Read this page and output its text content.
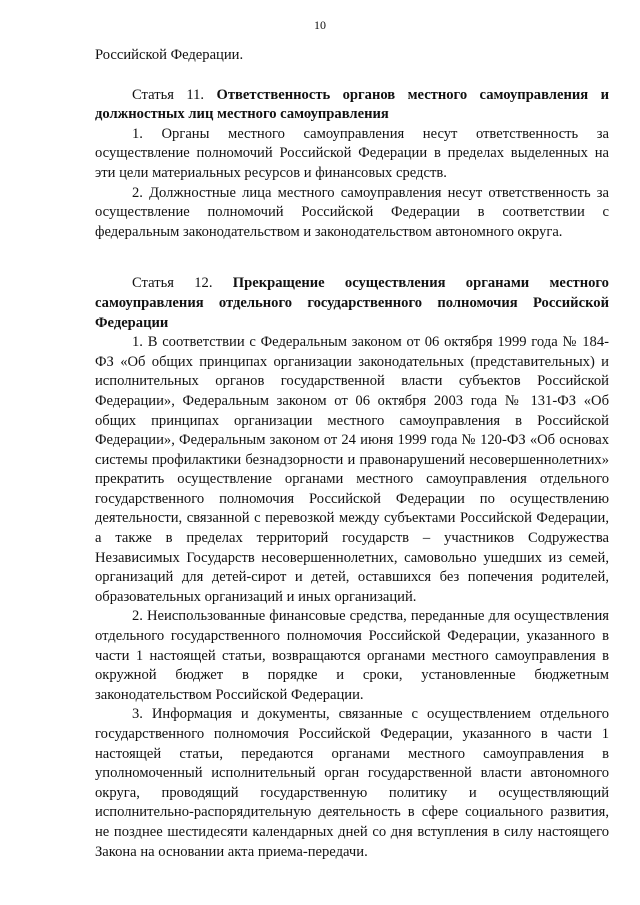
10

Российской Федерации.

Статья 11. Ответственность органов местного самоуправления и должностных лиц местного самоуправления

1. Органы местного самоуправления несут ответственность за осуществление полномочий Российской Федерации в пределах выделенных на эти цели материальных ресурсов и финансовых средств.

2. Должностные лица местного самоуправления несут ответственность за осуществление полномочий Российской Федерации в соответствии с федеральным законодательством и законодательством автономного округа.

Статья 12. Прекращение осуществления органами местного самоуправления отдельного государственного полномочия Российской Федерации

1. В соответствии с Федеральным законом от 06 октября 1999 года № 184-ФЗ «Об общих принципах организации законодательных (представительных) и исполнительных органов государственной власти субъектов Российской Федерации», Федеральным законом от 06 октября 2003 года № 131-ФЗ «Об общих принципах организации местного самоуправления в Российской Федерации», Федеральным законом от 24 июня 1999 года № 120-ФЗ «Об основах системы профилактики безнадзорности и правонарушений несовершеннолетних» прекратить осуществление органами местного самоуправления отдельного государственного полномочия Российской Федерации по осуществлению деятельности, связанной с перевозкой между субъектами Российской Федерации, а также в пределах территорий государств – участников Содружества Независимых Государств несовершеннолетних, самовольно ушедших из семей, организаций для детей-сирот и детей, оставшихся без попечения родителей, образовательных организаций и иных организаций.

2. Неиспользованные финансовые средства, переданные для осуществления отдельного государственного полномочия Российской Федерации, указанного в части 1 настоящей статьи, возвращаются органами местного самоуправления в окружной бюджет в порядке и сроки, установленные бюджетным законодательством Российской Федерации.

3. Информация и документы, связанные с осуществлением отдельного государственного полномочия Российской Федерации, указанного в части 1 настоящей статьи, передаются органами местного самоуправления в уполномоченный исполнительный орган государственной власти автономного округа, проводящий государственную политику и осуществляющий исполнительно-распорядительную деятельность в сфере социального развития, не позднее шестидесяти календарных дней со дня вступления в силу настоящего Закона на основании акта приема-передачи.
